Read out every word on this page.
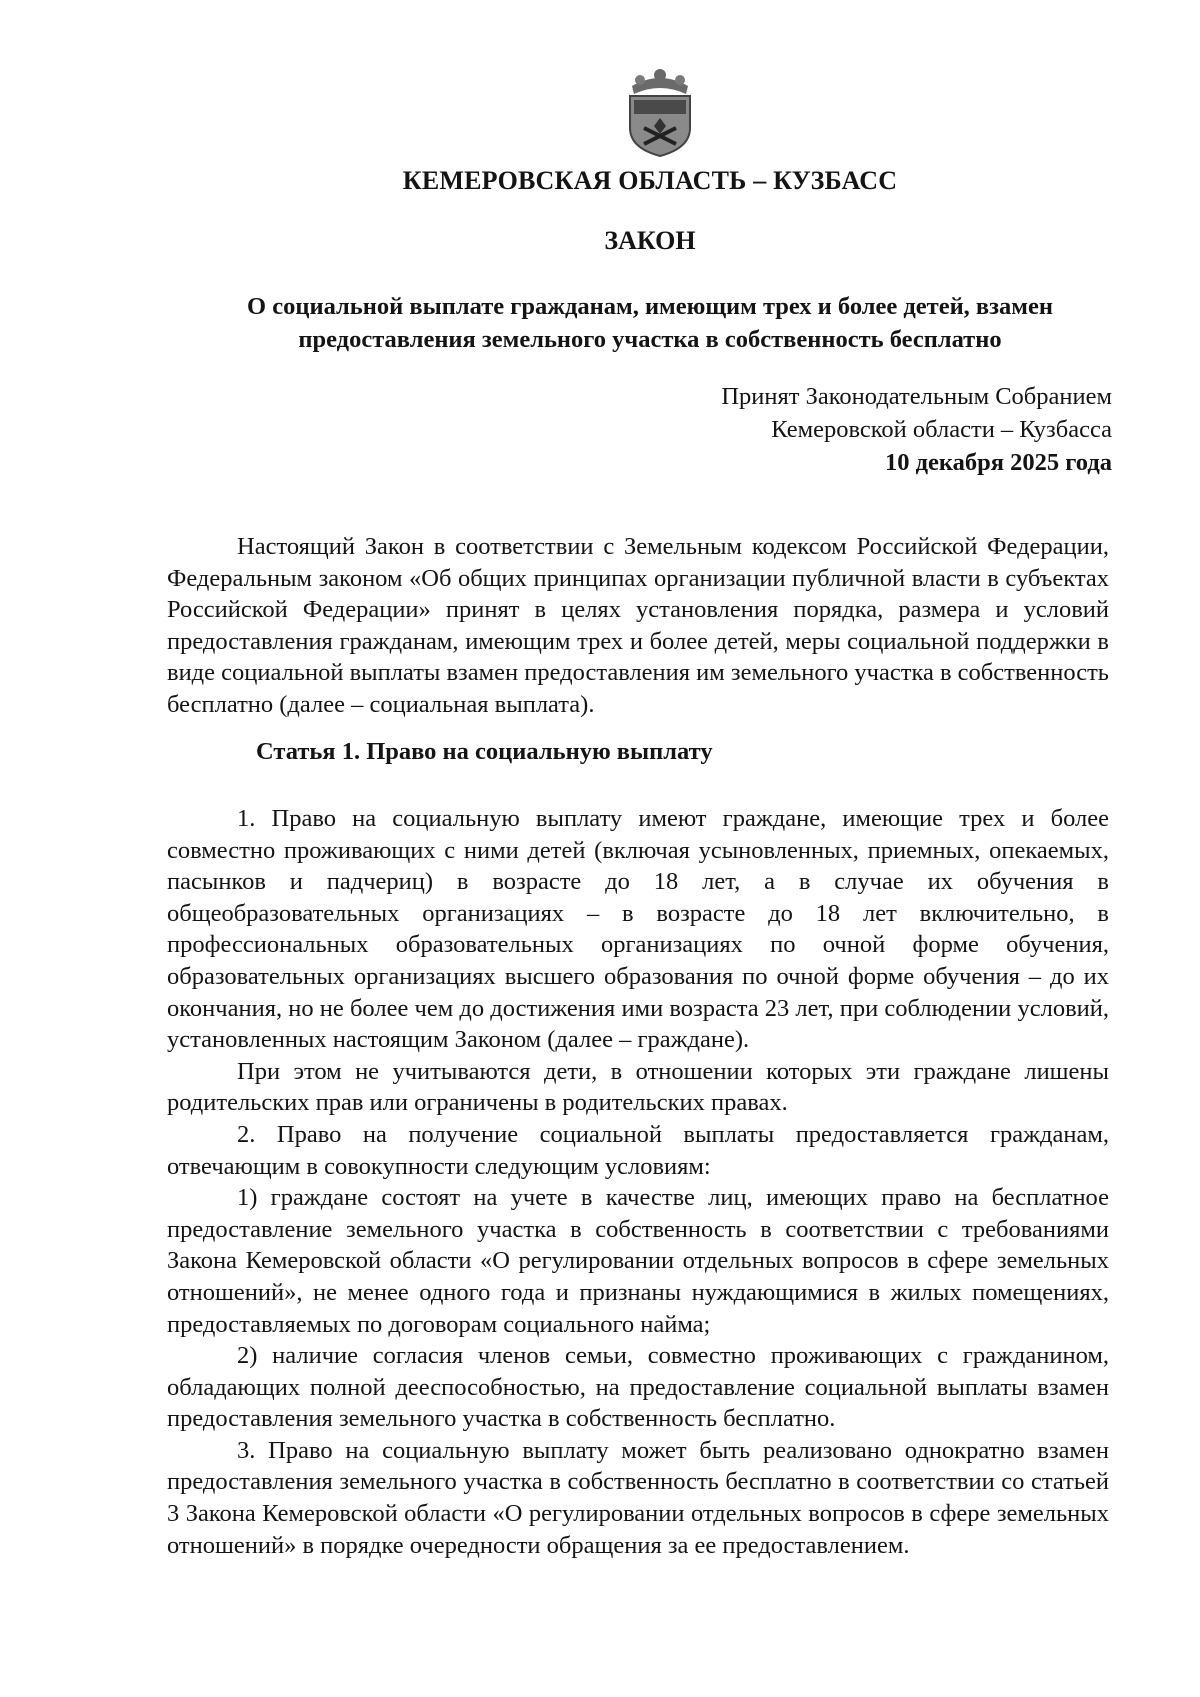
КЕМЕРОВСКАЯ ОБЛАСТЬ – КУЗБАСС
ЗАКОН
О социальной выплате гражданам, имеющим трех и более детей, взамен предоставления земельного участка в собственность бесплатно
Принят Законодательным Собранием
Кемеровской области – Кузбасса
10 декабря 2025 года

Настоящий Закон в соответствии с Земельным кодексом Российской Федерации, Федеральным законом «Об общих принципах организации публичной власти в субъектах Российской Федерации» принят в целях установления порядка, размера и условий предоставления гражданам, имеющим трех и более детей, меры социальной поддержки в виде социальной выплаты взамен предоставления им земельного участка в собственность бесплатно (далее – социальная выплата).

Статья 1. Право на социальную выплату

1. Право на социальную выплату имеют граждане, имеющие трех и более совместно проживающих с ними детей (включая усыновленных, приемных, опекаемых, пасынков и падчериц) в возрасте до 18 лет, а в случае их обучения в общеобразовательных организациях – в возрасте до 18 лет включительно, в профессиональных образовательных организациях по очной форме обучения, образовательных организациях высшего образования по очной форме обучения – до их окончания, но не более чем до достижения ими возраста 23 лет, при соблюдении условий, установленных настоящим Законом (далее – граждане).

При этом не учитываются дети, в отношении которых эти граждане лишены родительских прав или ограничены в родительских правах.

2. Право на получение социальной выплаты предоставляется гражданам, отвечающим в совокупности следующим условиям:

1) граждане состоят на учете в качестве лиц, имеющих право на бесплатное предоставление земельного участка в собственность в соответствии с требованиями Закона Кемеровской области «О регулировании отдельных вопросов в сфере земельных отношений», не менее одного года и признаны нуждающимися в жилых помещениях, предоставляемых по договорам социального найма;

2) наличие согласия членов семьи, совместно проживающих с гражданином, обладающих полной дееспособностью, на предоставление социальной выплаты взамен предоставления земельного участка в собственность бесплатно.

3. Право на социальную выплату может быть реализовано однократно взамен предоставления земельного участка в собственность бесплатно в соответствии со статьей 3 Закона Кемеровской области «О регулировании отдельных вопросов в сфере земельных отношений» в порядке очередности обращения за ее предоставлением.
